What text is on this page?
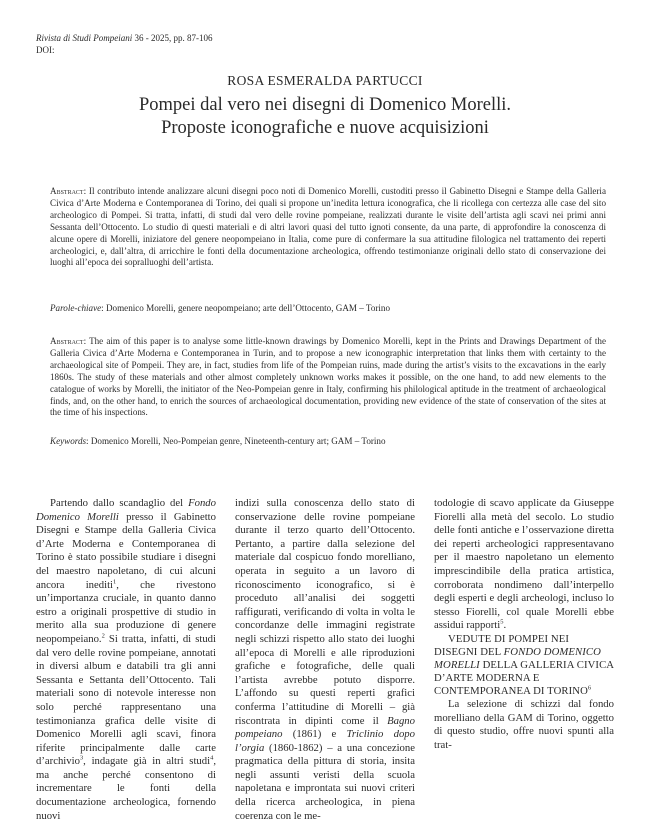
Rivista di Studi Pompeiani 36 - 2025, pp. 87-106
DOI:
ROSA ESMERALDA PARTUCCI
Pompei dal vero nei disegni di Domenico Morelli.
Proposte iconografiche e nuove acquisizioni
Abstract: Il contributo intende analizzare alcuni disegni poco noti di Domenico Morelli, custoditi presso il Gabinetto Disegni e Stampe della Galleria Civica d’Arte Moderna e Contemporanea di Torino, dei quali si propone un’inedita lettura iconografica, che li ricollega con certezza alle case del sito archeologico di Pompei. Si tratta, infatti, di studi dal vero delle rovine pompeiane, realizzati durante le visite dell’artista agli scavi nei primi anni Sessanta dell’Ottocento. Lo studio di questi materiali e di altri lavori quasi del tutto ignoti consente, da una parte, di approfondire la conoscenza di alcune opere di Morelli, iniziatore del genere neopompeiano in Italia, come pure di confermare la sua attitudine filologica nel trattamento dei reperti archeologici, e, dall’altra, di arricchire le fonti della documentazione archeologica, offrendo testimonianze originali dello stato di conservazione dei luoghi all’epoca dei sopralluoghi dell’artista.
Parole-chiave: Domenico Morelli, genere neopompeiano; arte dell’Ottocento, GAM – Torino
Abstract: The aim of this paper is to analyse some little-known drawings by Domenico Morelli, kept in the Prints and Drawings Department of the Galleria Civica d’Arte Moderna e Contemporanea in Turin, and to propose a new iconographic interpretation that links them with certainty to the archaeological site of Pompeii. They are, in fact, studies from life of the Pompeian ruins, made during the artist’s visits to the excavations in the early 1860s. The study of these materials and other almost completely unknown works makes it possible, on the one hand, to add new elements to the catalogue of works by Morelli, the initiator of the Neo-Pompeian genre in Italy, confirming his philological aptitude in the treatment of archaeological finds, and, on the other hand, to enrich the sources of archaeological documentation, providing new evidence of the state of conservation of the sites at the time of his inspections.
Keywords: Domenico Morelli, Neo-Pompeian genre, Nineteenth-century art; GAM – Torino

Partendo dallo scandaglio del Fondo Domenico Morelli presso il Gabinetto Disegni e Stampe della Galleria Civica d’Arte Moderna e Contemporanea di Torino è stato possibile studiare i disegni del maestro napoletano, di cui alcuni ancora inediti$^1$, che rivestono un’importanza cruciale, in quanto danno estro a originali prospettive di studio in merito alla sua produzione di genere neopompeiano.$^2$ Si tratta, infatti, di studi dal vero delle rovine pompeiane, annotati in diversi album e databili tra gli anni Sessanta e Settanta dell’Ottocento. Tali materiali sono di notevole interesse non solo perché rappresentano una testimonianza grafica delle visite di Domenico Morelli agli scavi, finora riferite principalmente dalle carte d’archivio$^3$, indagate già in altri studi$^4$, ma anche perché consentono di incrementare le fonti della documentazione archeologica, fornendo nuovi

indizi sulla conoscenza dello stato di conservazione delle rovine pompeiane durante il terzo quarto dell’Ottocento. Pertanto, a partire dalla selezione del materiale dal cospicuo fondo morelliano, operata in seguito a un lavoro di riconoscimento iconografico, si è proceduto all’analisi dei soggetti raffigurati, verificando di volta in volta le concordanze delle immagini registrate negli schizzi rispetto allo stato dei luoghi all’epoca di Morelli e alle riproduzioni grafiche e fotografiche, delle quali l’artista avrebbe potuto disporre. L’affondo su questi reperti grafici conferma l’attitudine di Morelli – già riscontrata in dipinti come il Bagno pompeiano (1861) e Triclinio dopo l’orgia (1860-1862) – a una concezione pragmatica della pittura di storia, insita negli assunti veristi della scuola napoletana e improntata sui nuovi criteri della ricerca archeologica, in piena coerenza con le me-

todologie di scavo applicate da Giuseppe Fiorelli alla metà del secolo. Lo studio delle fonti antiche e l’osservazione diretta dei reperti archeologici rappresentavano per il maestro napoletano un elemento imprescindibile della pratica artistica, corroborata nondimeno dall’interpello degli esperti e degli archeologi, incluso lo stesso Fiorelli, col quale Morelli ebbe assidui rapporti$^5$.

VEDUTE DI POMPEI NEI DISEGNI DEL FONDO DOMENICO MORELLI DELLA GALLERIA CIVICA D’ARTE MODERNA E CONTEMPORANEA DI TORINO$^6$

La selezione di schizzi dal fondo morelliano della GAM di Torino, oggetto di questo studio, offre nuovi spunti alla trat-
